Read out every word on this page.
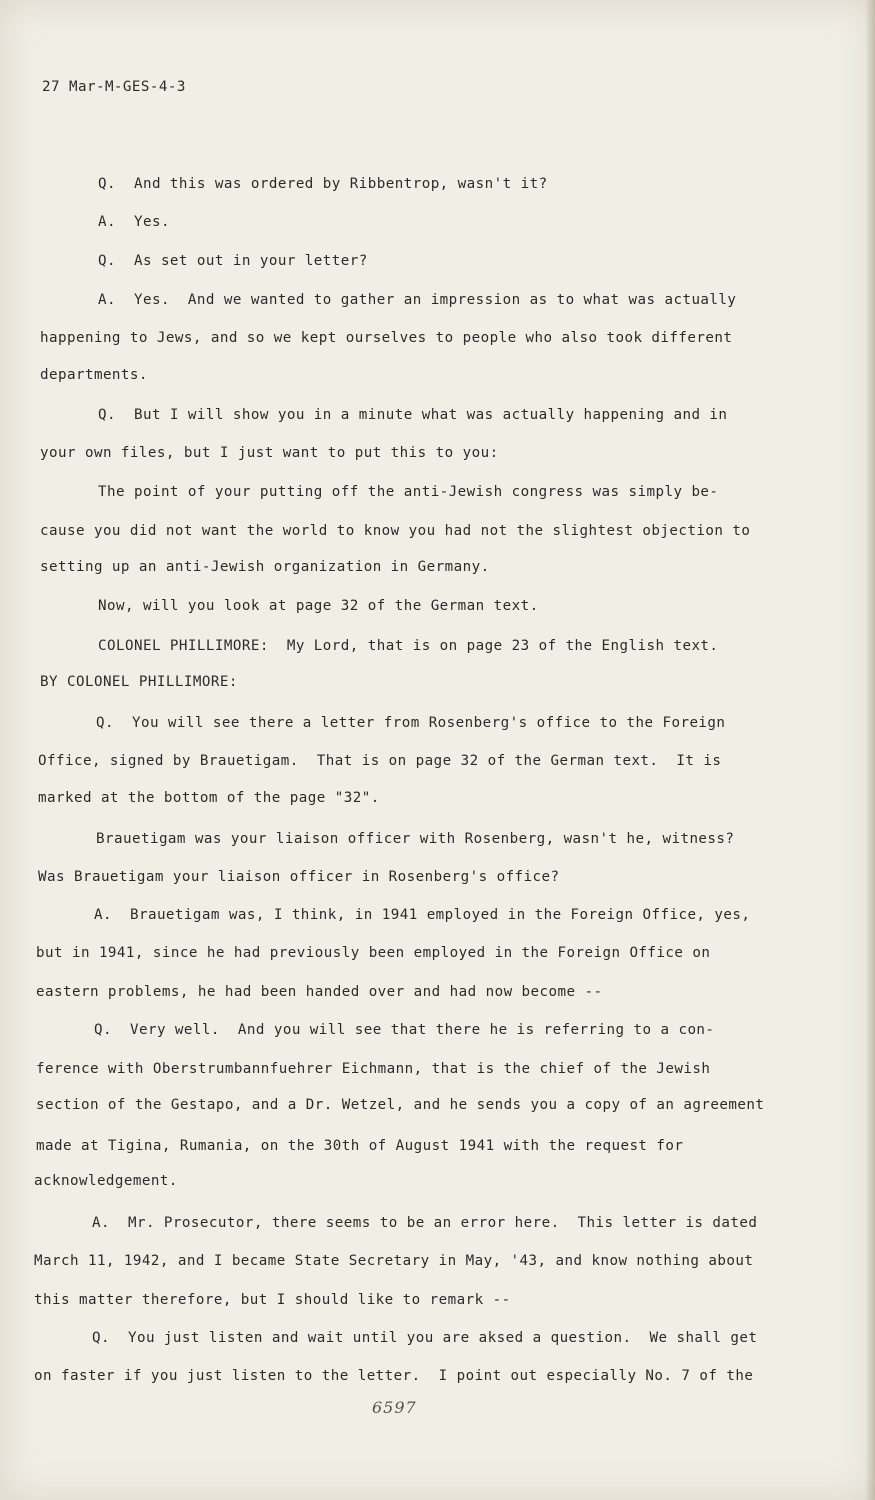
27 Mar-M-GES-4-3

Q.  And this was ordered by Ribbentrop, wasn't it?

A.  Yes.

Q.  As set out in your letter?

A.  Yes.  And we wanted to gather an impression as to what was actually

happening to Jews, and so we kept ourselves to people who also took different

departments.

Q.  But I will show you in a minute what was actually happening and in

your own files, but I just want to put this to you:

The point of your putting off the anti-Jewish congress was simply be-

cause you did not want the world to know you had not the slightest objection to

setting up an anti-Jewish organization in Germany.

Now, will you look at page 32 of the German text.

COLONEL PHILLIMORE:  My Lord, that is on page 23 of the English text.

BY COLONEL PHILLIMORE:

Q.  You will see there a letter from Rosenberg's office to the Foreign

Office, signed by Brauetigam.  That is on page 32 of the German text.  It is

marked at the bottom of the page "32".

Brauetigam was your liaison officer with Rosenberg, wasn't he, witness?

Was Brauetigam your liaison officer in Rosenberg's office?

A.  Brauetigam was, I think, in 1941 employed in the Foreign Office, yes,

but in 1941, since he had previously been employed in the Foreign Office on

eastern problems, he had been handed over and had now become --

Q.  Very well.  And you will see that there he is referring to a con-

ference with Oberstrumbannfuehrer Eichmann, that is the chief of the Jewish

section of the Gestapo, and a Dr. Wetzel, and he sends you a copy of an agreement

made at Tigina, Rumania, on the 30th of August 1941 with the request for

acknowledgement.

A.  Mr. Prosecutor, there seems to be an error here.  This letter is dated

March 11, 1942, and I became State Secretary in May, '43, and know nothing about

this matter therefore, but I should like to remark --

Q.  You just listen and wait until you are aksed a question.  We shall get

on faster if you just listen to the letter.  I point out especially No. 7 of the

6597
